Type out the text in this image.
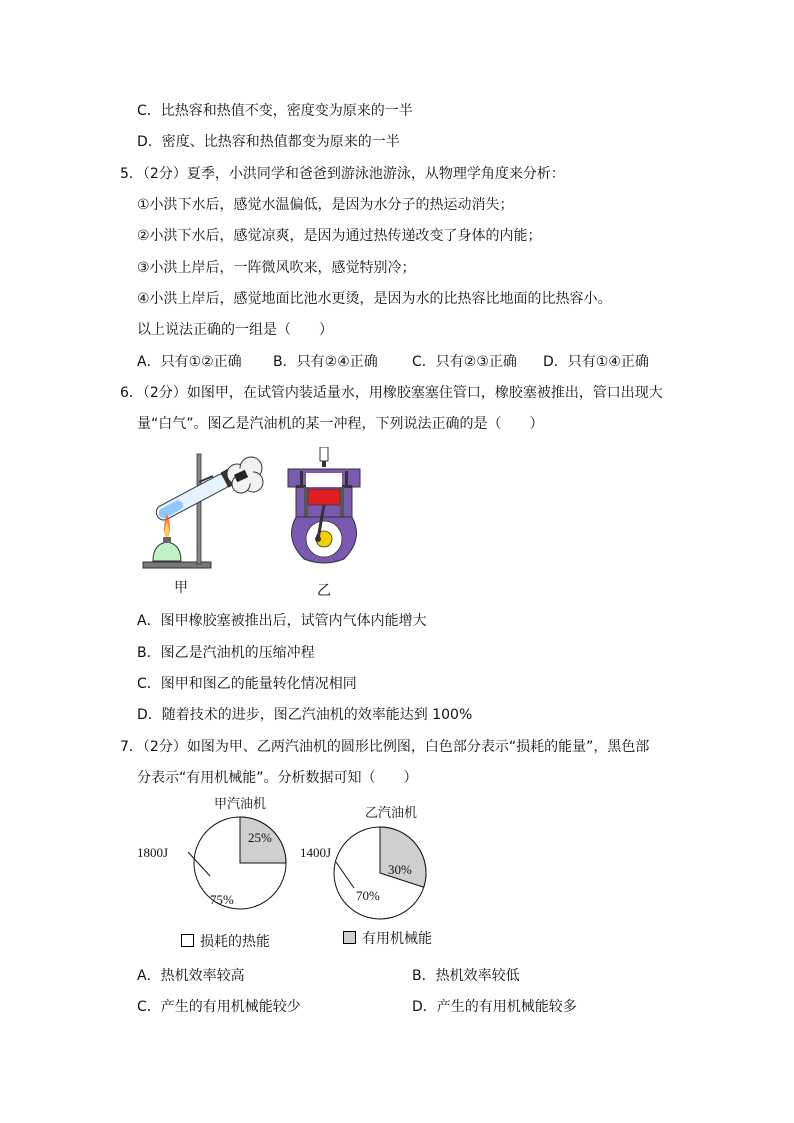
C．比热容和热值不变，密度变为原来的一半
D．密度、比热容和热值都变为原来的一半
5．（2分）夏季，小洪同学和爸爸到游泳池游泳，从物理学角度来分析：
①小洪下水后，感觉水温偏低，是因为水分子的热运动消失；
②小洪下水后，感觉凉爽，是因为通过热传递改变了身体的内能；
③小洪上岸后，一阵微风吹来，感觉特别冷；
④小洪上岸后，感觉地面比池水更烫，是因为水的比热容比地面的比热容小。
以上说法正确的一组是（　　）
A．只有①②正确 B．只有②④正确 C．只有②③正确 D．只有①④正确
6．（2分）如图甲，在试管内装适量水，用橡胶塞塞住管口，橡胶塞被推出，管口出现大
量“白气”。图乙是汽油机的某一冲程，下列说法正确的是（　　）
甲	乙
A．图甲橡胶塞被推出后，试管内气体内能增大
B．图乙是汽油机的压缩冲程
C．图甲和图乙的能量转化情况相同
D．随着技术的进步，图乙汽油机的效率能达到 100%
7．（2分）如图为甲、乙两汽油机的圆形比例图，白色部分表示“损耗的能量”，黑色部
分表示“有用机械能”。分析数据可知（　　）
甲汽油机
1800J
25%
75%
乙汽油机
1400J
30%
70%
损耗的热能	有用机械能
A．热机效率较高	B．热机效率较低
C．产生的有用机械能较少	D．产生的有用机械能较多
